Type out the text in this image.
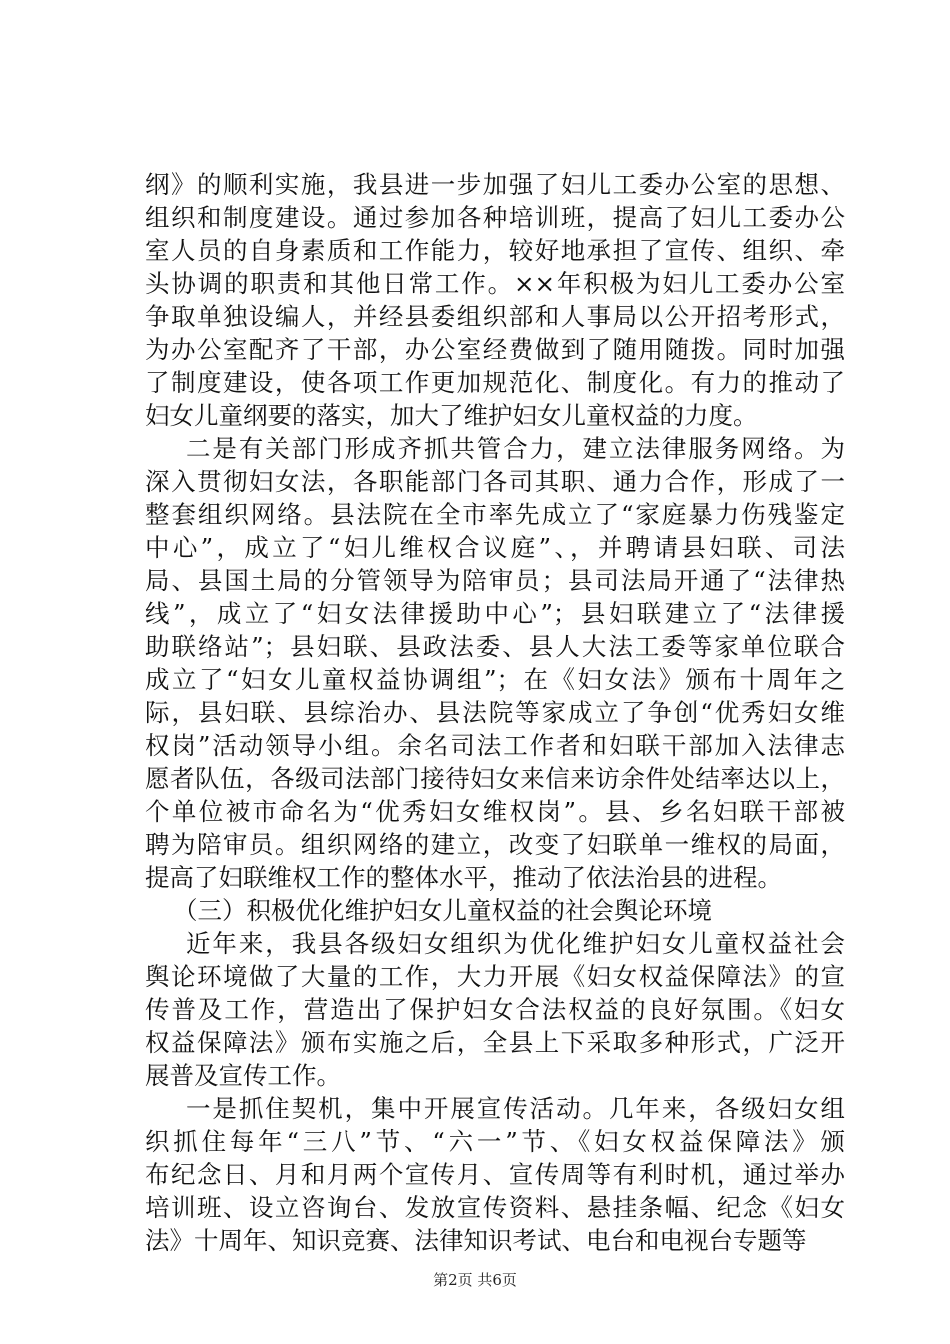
纲》的顺利实施，我县进一步加强了妇儿工委办公室的思想、
组织和制度建设。通过参加各种培训班，提高了妇儿工委办公
室人员的自身素质和工作能力，较好地承担了宣传、组织、牵
头协调的职责和其他日常工作。××年积极为妇儿工委办公室
争取单独设编人，并经县委组织部和人事局以公开招考形式，
为办公室配齐了干部，办公室经费做到了随用随拨。同时加强
了制度建设，使各项工作更加规范化、制度化。有力的推动了
妇女儿童纲要的落实，加大了维护妇女儿童权益的力度。
二是有关部门形成齐抓共管合力，建立法律服务网络。为
深入贯彻妇女法，各职能部门各司其职、通力合作，形成了一
整套组织网络。县法院在全市率先成立了“家庭暴力伤残鉴定
中心”，成立了“妇儿维权合议庭”、，并聘请县妇联、司法
局、县国土局的分管领导为陪审员；县司法局开通了“法律热
线”，成立了“妇女法律援助中心”；县妇联建立了“法律援
助联络站”；县妇联、县政法委、县人大法工委等家单位联合
成立了“妇女儿童权益协调组”；在《妇女法》颁布十周年之
际，县妇联、县综治办、县法院等家成立了争创“优秀妇女维
权岗”活动领导小组。余名司法工作者和妇联干部加入法律志
愿者队伍，各级司法部门接待妇女来信来访余件处结率达以上，
个单位被市命名为“优秀妇女维权岗”。县、乡名妇联干部被
聘为陪审员。组织网络的建立，改变了妇联单一维权的局面，
提高了妇联维权工作的整体水平，推动了依法治县的进程。
（三）积极优化维护妇女儿童权益的社会舆论环境
近年来，我县各级妇女组织为优化维护妇女儿童权益社会
舆论环境做了大量的工作，大力开展《妇女权益保障法》的宣
传普及工作，营造出了保护妇女合法权益的良好氛围。《妇女
权益保障法》颁布实施之后，全县上下采取多种形式，广泛开
展普及宣传工作。
一是抓住契机，集中开展宣传活动。几年来，各级妇女组
织抓住每年“三八”节、“六一”节、《妇女权益保障法》颁
布纪念日、月和月两个宣传月、宣传周等有利时机，通过举办
培训班、设立咨询台、发放宣传资料、悬挂条幅、纪念《妇女
法》十周年、知识竞赛、法律知识考试、电台和电视台专题等
第2页 共6页
